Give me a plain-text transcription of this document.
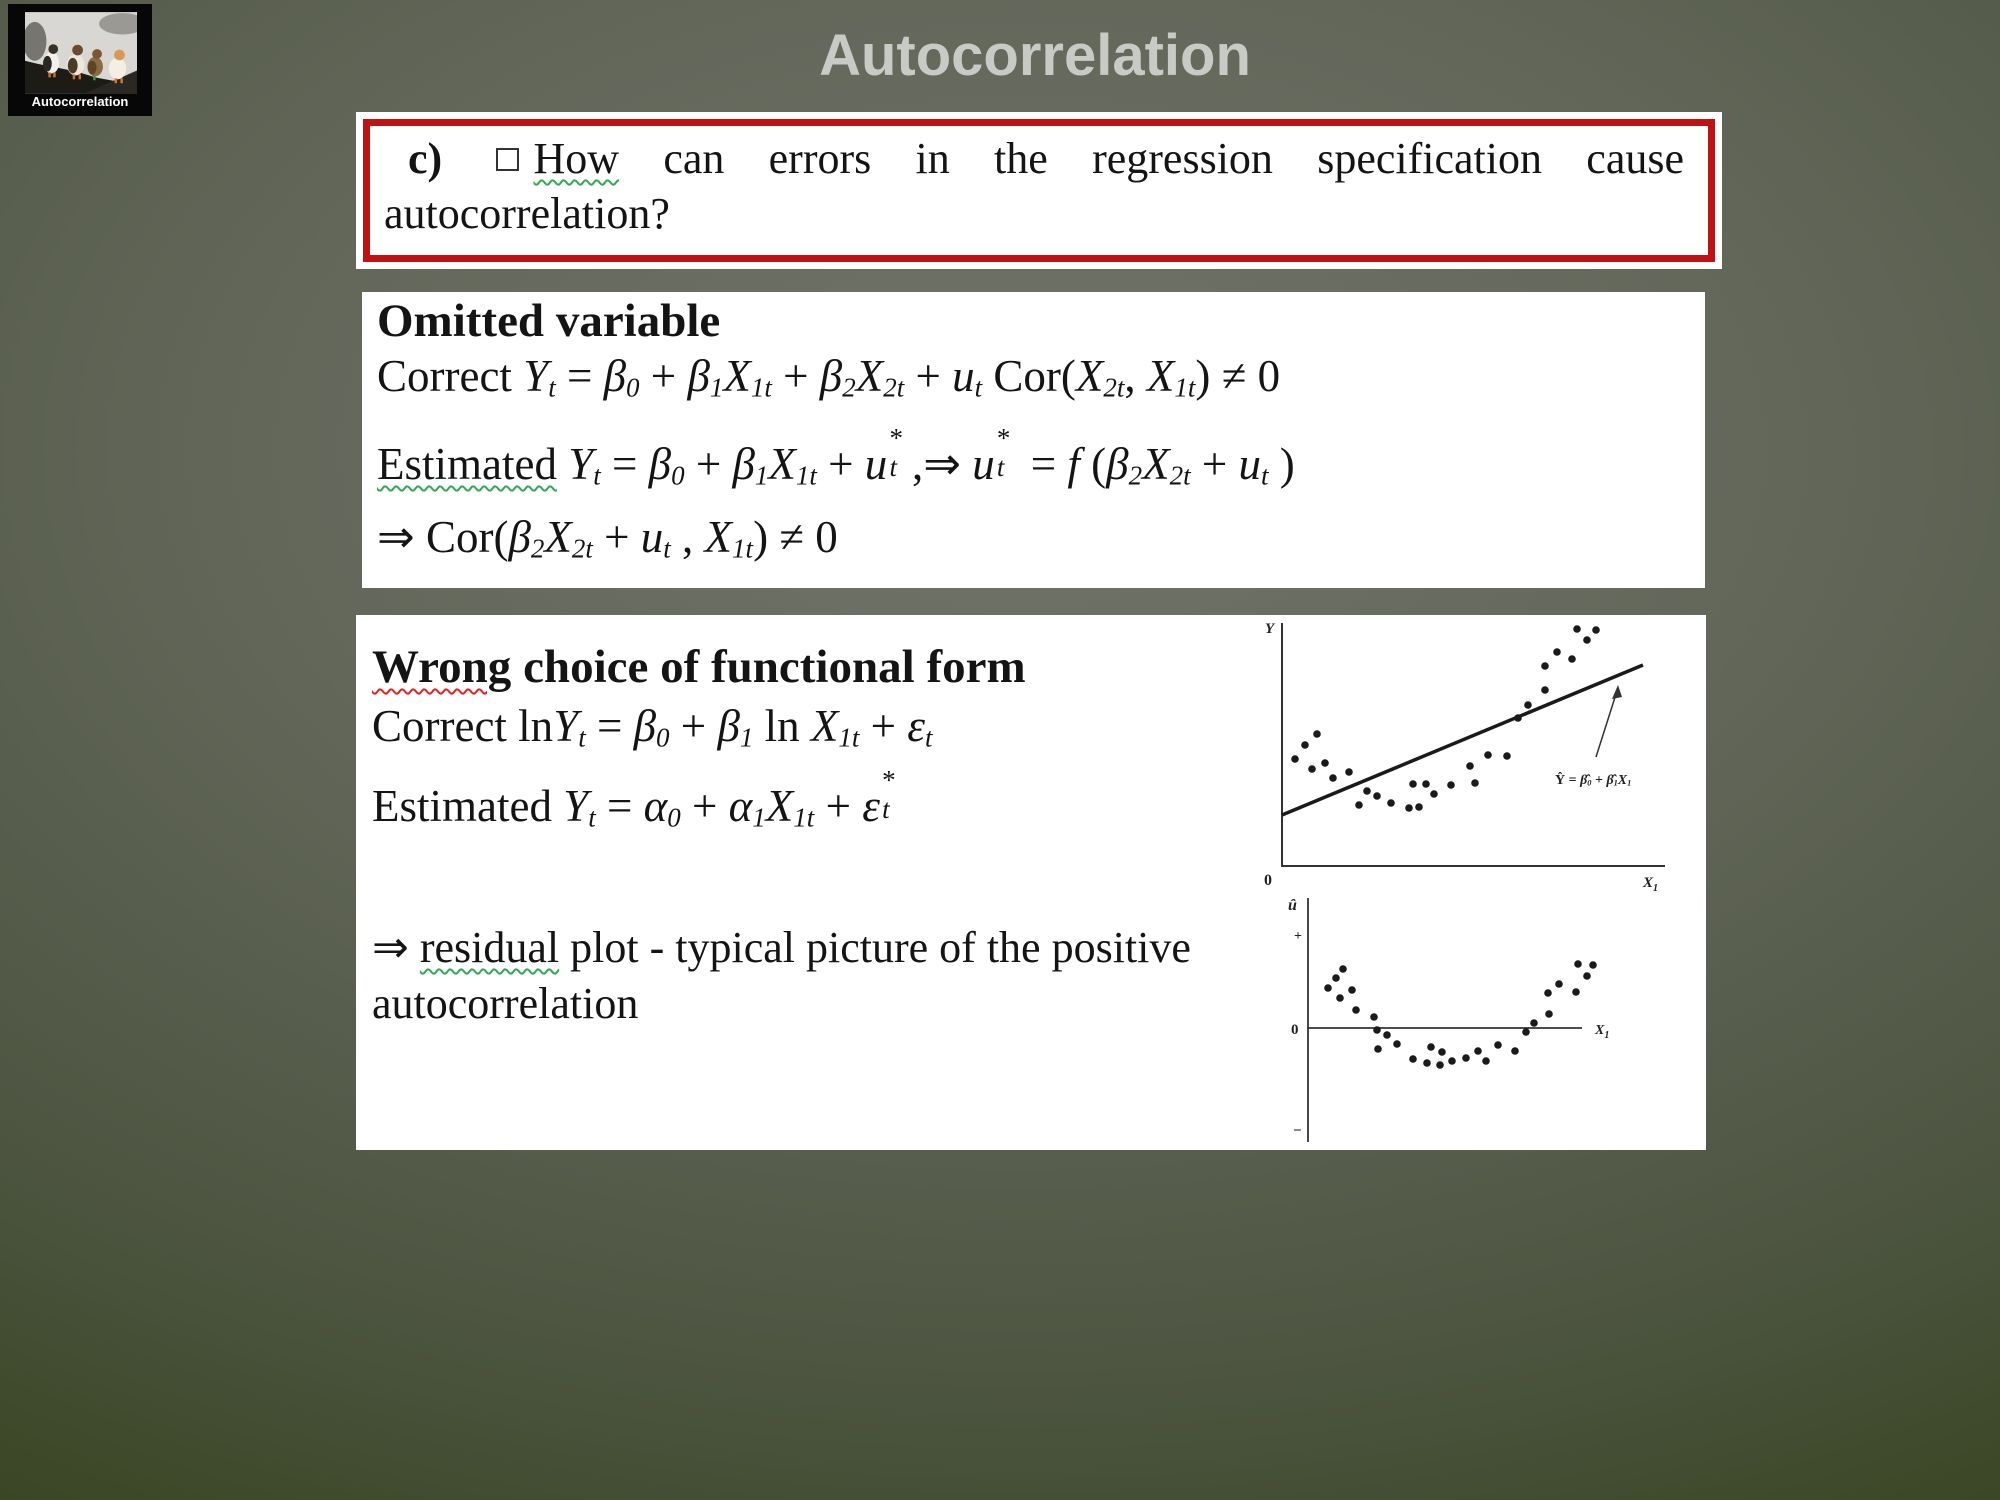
Autocorrelation
Autocorrelation

c) How can errors in the regression specification cause autocorrelation?

Omitted variable
Correct Yt = β0 + β1X1t + β2X2t + ut Cor(X2t, X1t) ≠ 0
Estimated Yt = β0 + β1X1t + u
*
t ,⇒ u
*
t = f (β2X2t + ut )
⇒ Cor(β2X2t + ut , X1t) ≠ 0
Wrong choice of functional form
Correct lnYt = β0 + β1 ln X1t + εt
Estimated Yt = α0 + α1X1t + ε
*
t
⇒ residual plot - typical picture of the positive autocorrelation
Y
0	$X_1$
Ŷ = β̂0 + β̂1X1
û
+
0
−
$X_1$
